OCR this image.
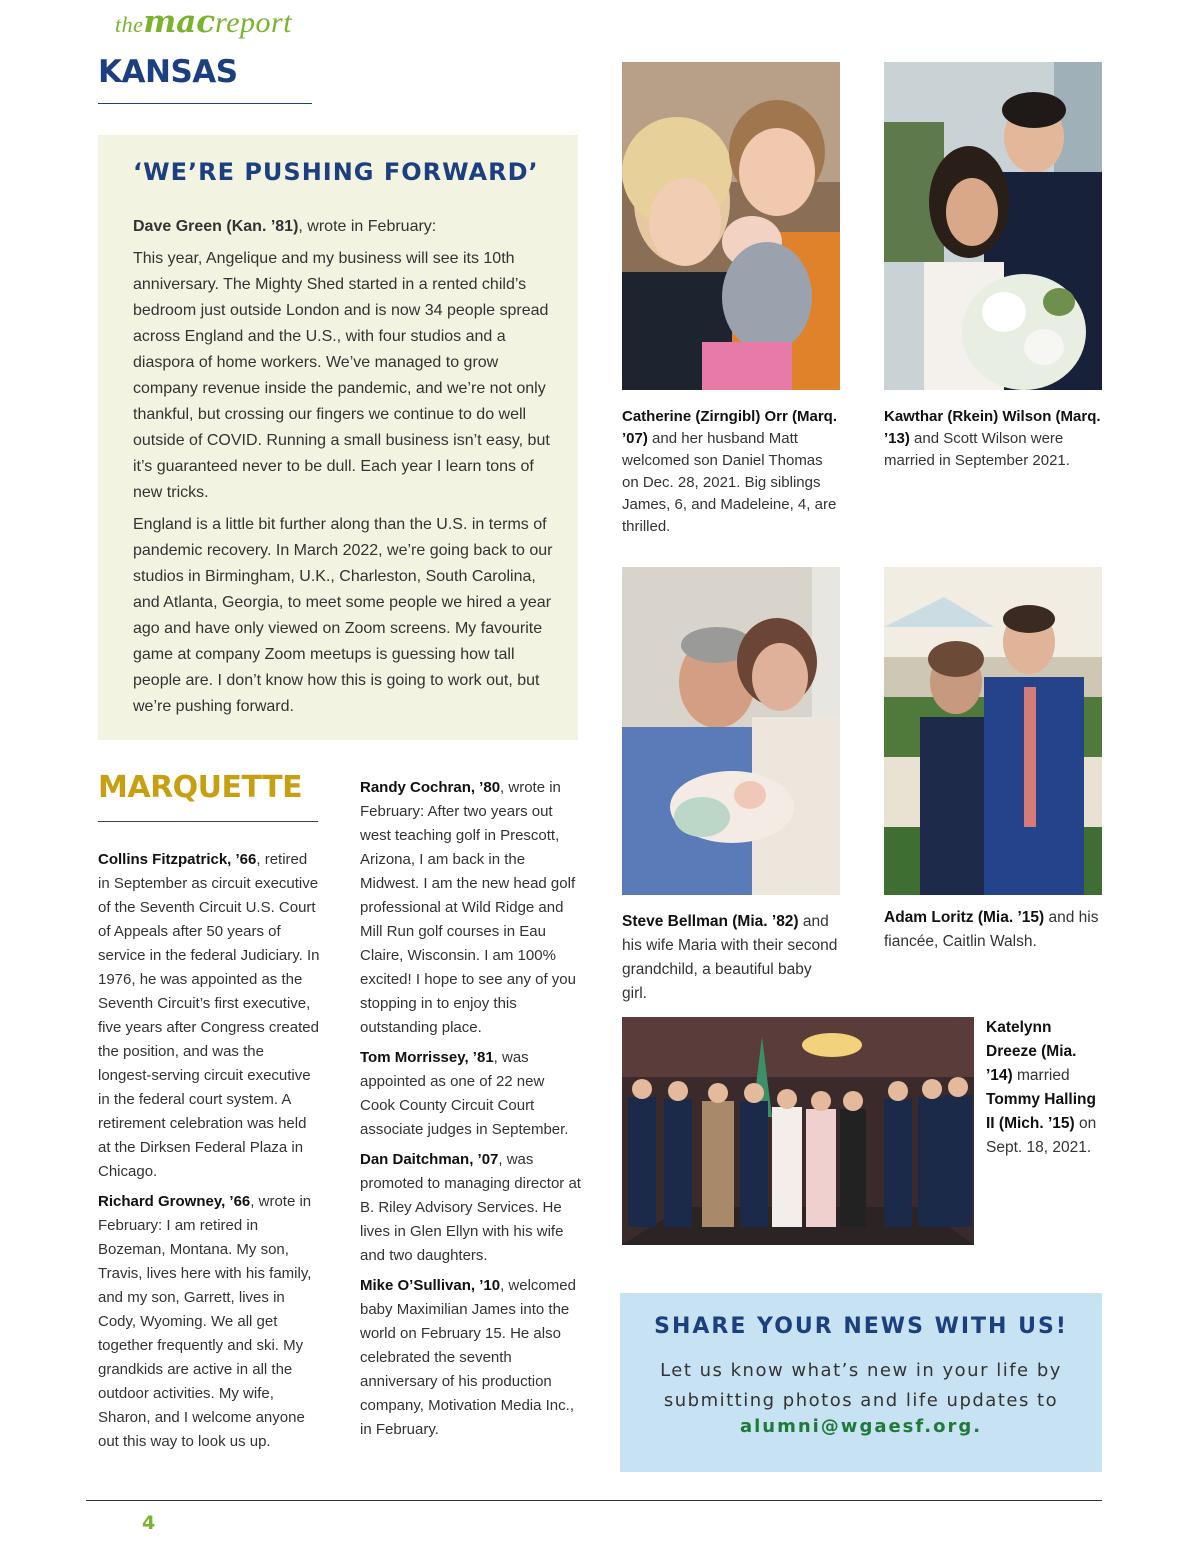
themacreport
KANSAS
‘WE’RE PUSHING FORWARD’

Dave Green (Kan. ’81), wrote in February:

This year, Angelique and my business will see its 10th anniversary. The Mighty Shed started in a rented child’s bedroom just outside London and is now 34 people spread across England and the U.S., with four studios and a diaspora of home workers. We’ve managed to grow company revenue inside the pandemic, and we’re not only thankful, but crossing our fingers we continue to do well outside of COVID. Running a small business isn’t easy, but it’s guaranteed never to be dull. Each year I learn tons of new tricks.

England is a little bit further along than the U.S. in terms of pandemic recovery. In March 2022, we’re going back to our studios in Birmingham, U.K., Charleston, South Carolina, and Atlanta, Georgia, to meet some people we hired a year ago and have only viewed on Zoom screens. My favourite game at company Zoom meetups is guessing how tall people are. I don’t know how this is going to work out, but we’re pushing forward.

MARQUETTE

Collins Fitzpatrick, ’66, retired in September as circuit executive of the Seventh Circuit U.S. Court of Appeals after 50 years of service in the federal Judiciary. In 1976, he was appointed as the Seventh Circuit’s first executive, five years after Congress created the position, and was the longest-serving circuit executive in the federal court system. A retirement celebration was held at the Dirksen Federal Plaza in Chicago.

Richard Growney, ’66, wrote in February: I am retired in Bozeman, Montana. My son, Travis, lives here with his family, and my son, Garrett, lives in Cody, Wyoming. We all get together frequently and ski. My grandkids are active in all the outdoor activities. My wife, Sharon, and I welcome anyone out this way to look us up.

Randy Cochran, ’80, wrote in February: After two years out west teaching golf in Prescott, Arizona, I am back in the Midwest. I am the new head golf professional at Wild Ridge and Mill Run golf courses in Eau Claire, Wisconsin. I am 100% excited! I hope to see any of you stopping in to enjoy this outstanding place.

Tom Morrissey, ’81, was appointed as one of 22 new Cook County Circuit Court associate judges in September.

Dan Daitchman, ’07, was promoted to managing director at B. Riley Advisory Services. He lives in Glen Ellyn with his wife and two daughters.

Mike O’Sullivan, ’10, welcomed baby Maximilian James into the world on February 15. He also celebrated the seventh anniversary of his production company, Motivation Media Inc., in February.

Catherine (Zirngibl) Orr (Marq. ’07) and her husband Matt welcomed son Daniel Thomas on Dec. 28, 2021. Big siblings James, 6, and Madeleine, 4, are thrilled.
Kawthar (Rkein) Wilson (Marq. ’13) and Scott Wilson were married in September 2021.
Steve Bellman (Mia. ’82) and his wife Maria with their second grandchild, a beautiful baby girl.
Adam Loritz (Mia. ’15) and his fiancée, Caitlin Walsh.
Katelynn Dreeze (Mia. ’14) married Tommy Halling II (Mich. ’15) on Sept. 18, 2021.
SHARE YOUR NEWS WITH US!
Let us know what’s new in your life by
submitting photos and life updates to
alumni@wgaesf.org.
4
